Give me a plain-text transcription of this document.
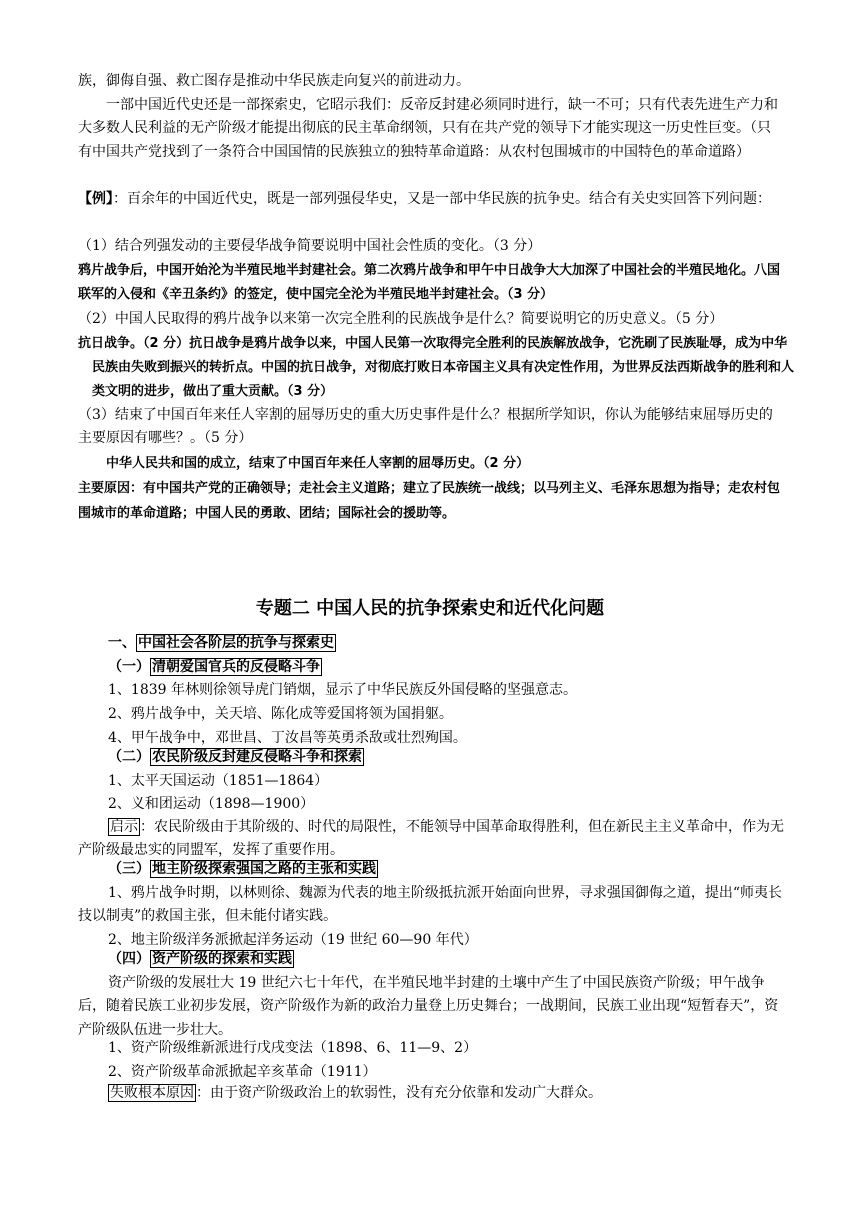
族，御侮自强、救亡图存是推动中华民族走向复兴的前进动力。

一部中国近代史还是一部探索史，它昭示我们：反帝反封建必须同时进行，缺一不可；只有代表先进生产力和大多数人民利益的无产阶级才能提出彻底的民主革命纲领，只有在共产党的领导下才能实现这一历史性巨变。（只有中国共产党找到了一条符合中国国情的民族独立的独特革命道路：从农村包围城市的中国特色的革命道路）

【例】：百余年的中国近代史，既是一部列强侵华史，又是一部中华民族的抗争史。结合有关史实回答下列问题：

（1）结合列强发动的主要侵华战争简要说明中国社会性质的变化。（3 分）

鸦片战争后，中国开始沦为半殖民地半封建社会。第二次鸦片战争和甲午中日战争大大加深了中国社会的半殖民地化。八国联军的入侵和《辛丑条约》的签定，使中国完全沦为半殖民地半封建社会。（3 分）

（2）中国人民取得的鸦片战争以来第一次完全胜利的民族战争是什么？简要说明它的历史意义。（5 分）

抗日战争。（2 分）抗日战争是鸦片战争以来，中国人民第一次取得完全胜利的民族解放战争，它洗刷了民族耻辱，成为中华民族由失败到振兴的转折点。中国的抗日战争，对彻底打败日本帝国主义具有决定性作用，为世界反法西斯战争的胜利和人类文明的进步，做出了重大贡献。（3 分）

（3）结束了中国百年来任人宰割的屈辱历史的重大历史事件是什么？根据所学知识，你认为能够结束屈辱历史的主要原因有哪些？。（5 分）

中华人民共和国的成立，结束了中国百年来任人宰割的屈辱历史。（2 分）

主要原因：有中国共产党的正确领导；走社会主义道路；建立了民族统一战线；以马列主义、毛泽东思想为指导；走农村包围城市的革命道路；中国人民的勇敢、团结；国际社会的援助等。

专题二 中国人民的抗争探索史和近代化问题

一、 中国社会各阶层的抗争与探索史

（一） 清朝爱国官兵的反侵略斗争

1、1839 年林则徐领导虎门销烟，显示了中华民族反外国侵略的坚强意志。

2、鸦片战争中，关天培、陈化成等爱国将领为国捐躯。

4、甲午战争中，邓世昌、丁汝昌等英勇杀敌或壮烈殉国。

（二） 农民阶级反封建反侵略斗争和探索

1、太平天国运动（1851—1864）

2、义和团运动（1898—1900）

启示 ：农民阶级由于其阶级的、时代的局限性，不能领导中国革命取得胜利，但在新民主主义革命中，作为无产阶级最忠实的同盟军，发挥了重要作用。

（三） 地主阶级探索强国之路的主张和实践

1、鸦片战争时期，以林则徐、魏源为代表的地主阶级抵抗派开始面向世界，寻求强国御侮之道，提出“师夷长技以制夷”的救国主张，但未能付诸实践。

2、地主阶级洋务派掀起洋务运动（19 世纪 60—90 年代）

（四） 资产阶级的探索和实践

资产阶级的发展壮大 19 世纪六七十年代，在半殖民地半封建的土壤中产生了中国民族资产阶级；甲午战争后，随着民族工业初步发展，资产阶级作为新的政治力量登上历史舞台；一战期间，民族工业出现“短暂春天”，资产阶级队伍进一步壮大。

1、资产阶级维新派进行戊戌变法（1898、6、11—9、2）

2、资产阶级革命派掀起辛亥革命（1911）

失败根本原因 ：由于资产阶级政治上的软弱性，没有充分依靠和发动广大群众。
